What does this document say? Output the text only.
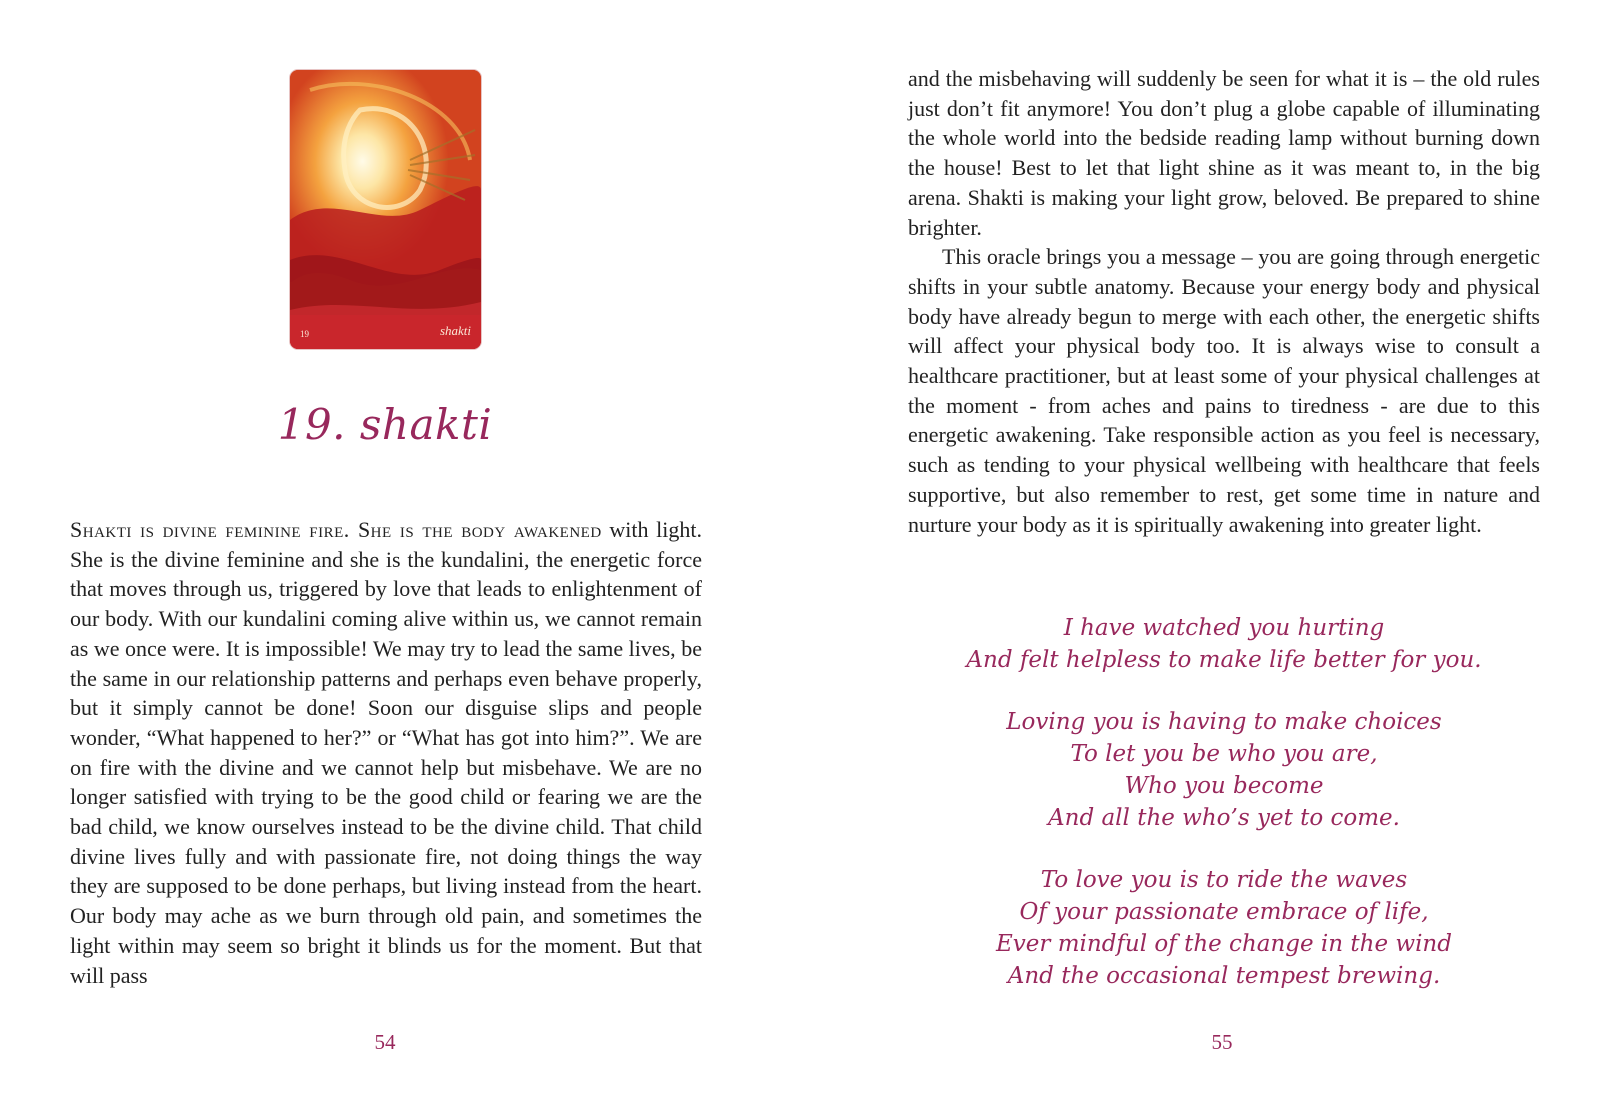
19	shakti
19. shakti

Shakti is divine feminine fire. She is the body awakened with light. She is the divine feminine and she is the kundalini, the energetic force that moves through us, triggered by love that leads to enlightenment of our body. With our kundalini coming alive within us, we cannot remain as we once were. It is impossible! We may try to lead the same lives, be the same in our relationship patterns and perhaps even behave properly, but it simply cannot be done! Soon our disguise slips and people wonder, “What happened to her?” or “What has got into him?”. We are on fire with the divine and we cannot help but misbehave. We are no longer satisfied with trying to be the good child or fearing we are the bad child, we know ourselves instead to be the divine child. That child divine lives fully and with passionate fire, not doing things the way they are supposed to be done perhaps, but living instead from the heart. Our body may ache as we burn through old pain, and sometimes the light within may seem so bright it blinds us for the moment. But that will pass

54

and the misbehaving will suddenly be seen for what it is – the old rules just don’t fit anymore! You don’t plug a globe capable of illuminating the whole world into the bedside reading lamp without burning down the house! Best to let that light shine as it was meant to, in the big arena. Shakti is making your light grow, beloved. Be prepared to shine brighter.

This oracle brings you a message – you are going through energetic shifts in your subtle anatomy. Because your energy body and physical body have already begun to merge with each other, the energetic shifts will affect your physical body too. It is always wise to consult a healthcare practitioner, but at least some of your physical challenges at the moment - from aches and pains to tiredness - are due to this energetic awakening. Take responsible action as you feel is necessary, such as tending to your physical wellbeing with healthcare that feels supportive, but also remember to rest, get some time in nature and nurture your body as it is spiritually awakening into greater light.

I have watched you hurting
And felt helpless to make life better for you.
Loving you is having to make choices
To let you be who you are,
Who you become
And all the who’s yet to come.
To love you is to ride the waves
Of your passionate embrace of life,
Ever mindful of the change in the wind
And the occasional tempest brewing.
55
